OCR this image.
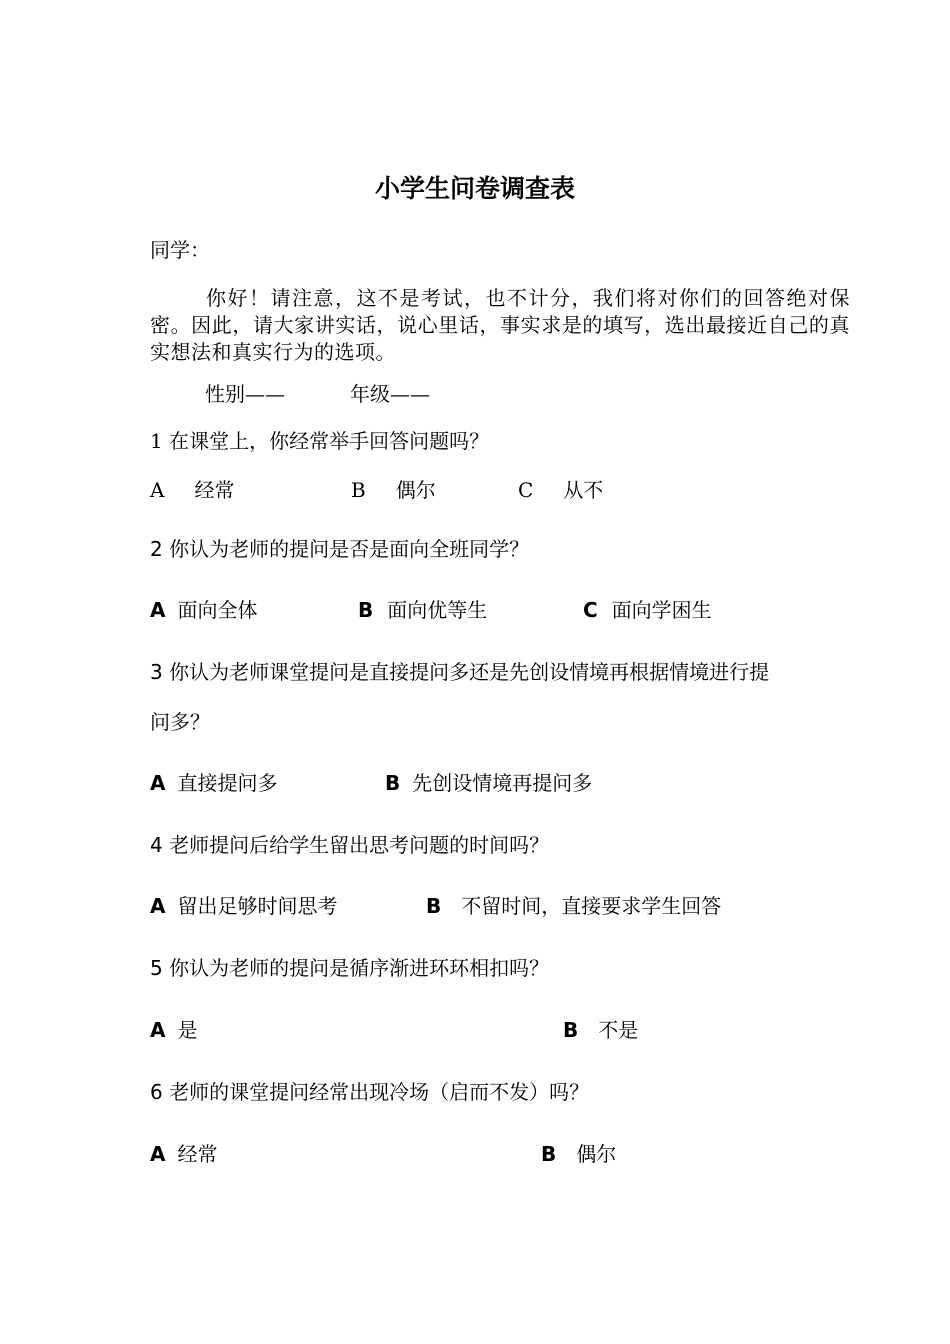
小学生问卷调查表
同学：
你好！请注意，这不是考试，也不计分，我们将对你们的回答绝对保密。因此，请大家讲实话，说心里话，事实求是的填写，选出最接近自己的真实想法和真实行为的选项。
性别——	年级——
1 在课堂上，你经常举手回答问题吗？
A 经常	B 偶尔	C 从不
2 你认为老师的提问是否是面向全班同学？
A 面向全体	B 面向优等生	C 面向学困生
3 你认为老师课堂提问是直接提问多还是先创设情境再根据情境进行提
问多？
A 直接提问多	B 先创设情境再提问多
4 老师提问后给学生留出思考问题的时间吗？
A 留出足够时间思考	B 不留时间，直接要求学生回答
5 你认为老师的提问是循序渐进环环相扣吗？
A 是	B 不是
6 老师的课堂提问经常出现冷场（启而不发）吗？
A 经常	B 偶尔
